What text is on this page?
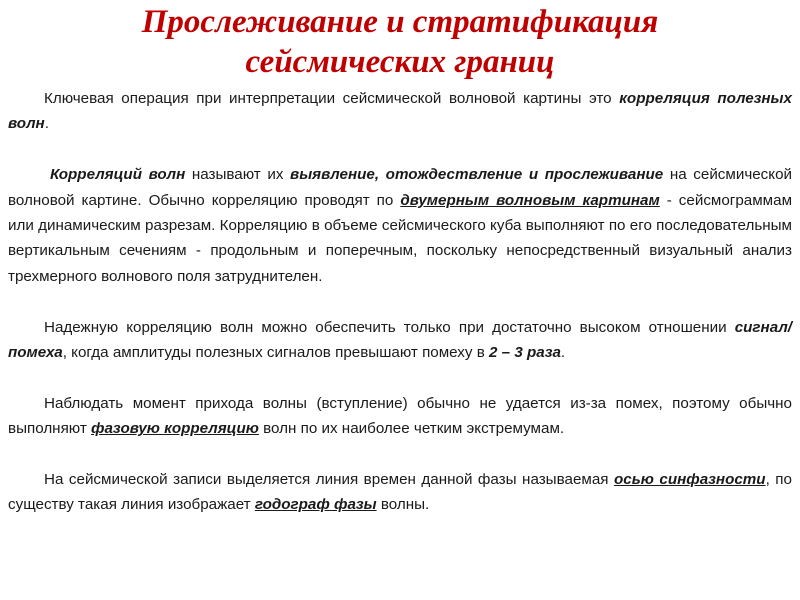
Прослеживание и стратификация
сейсмических границ

Ключевая операция при интерпретации сейсмической волновой картины это корреляция полезных волн.

Корреляций волн называют их выявление, отождествление и прослеживание на сейсмической волновой картине. Обычно корреляцию проводят по двумерным волновым картинам - сейсмограммам или динамическим разрезам. Корреляцию в объеме сейсмического куба выполняют по его последовательным вертикальным сечениям - продольным и поперечным, поскольку непосредственный визуальный анализ трехмерного волнового поля затруднителен.

Надежную корреляцию волн можно обеспечить только при достаточно высоком отношении сигнал/помеха, когда амплитуды полезных сигналов превышают помеху в 2 – 3 раза.

Наблюдать момент прихода волны (вступление) обычно не удается из-за помех, поэтому обычно выполняют фазовую корреляцию волн по их наиболее четким экстремумам.

На сейсмической записи выделяется линия времен данной фазы называемая осью синфазности, по существу такая линия изображает годограф фазы волны.
